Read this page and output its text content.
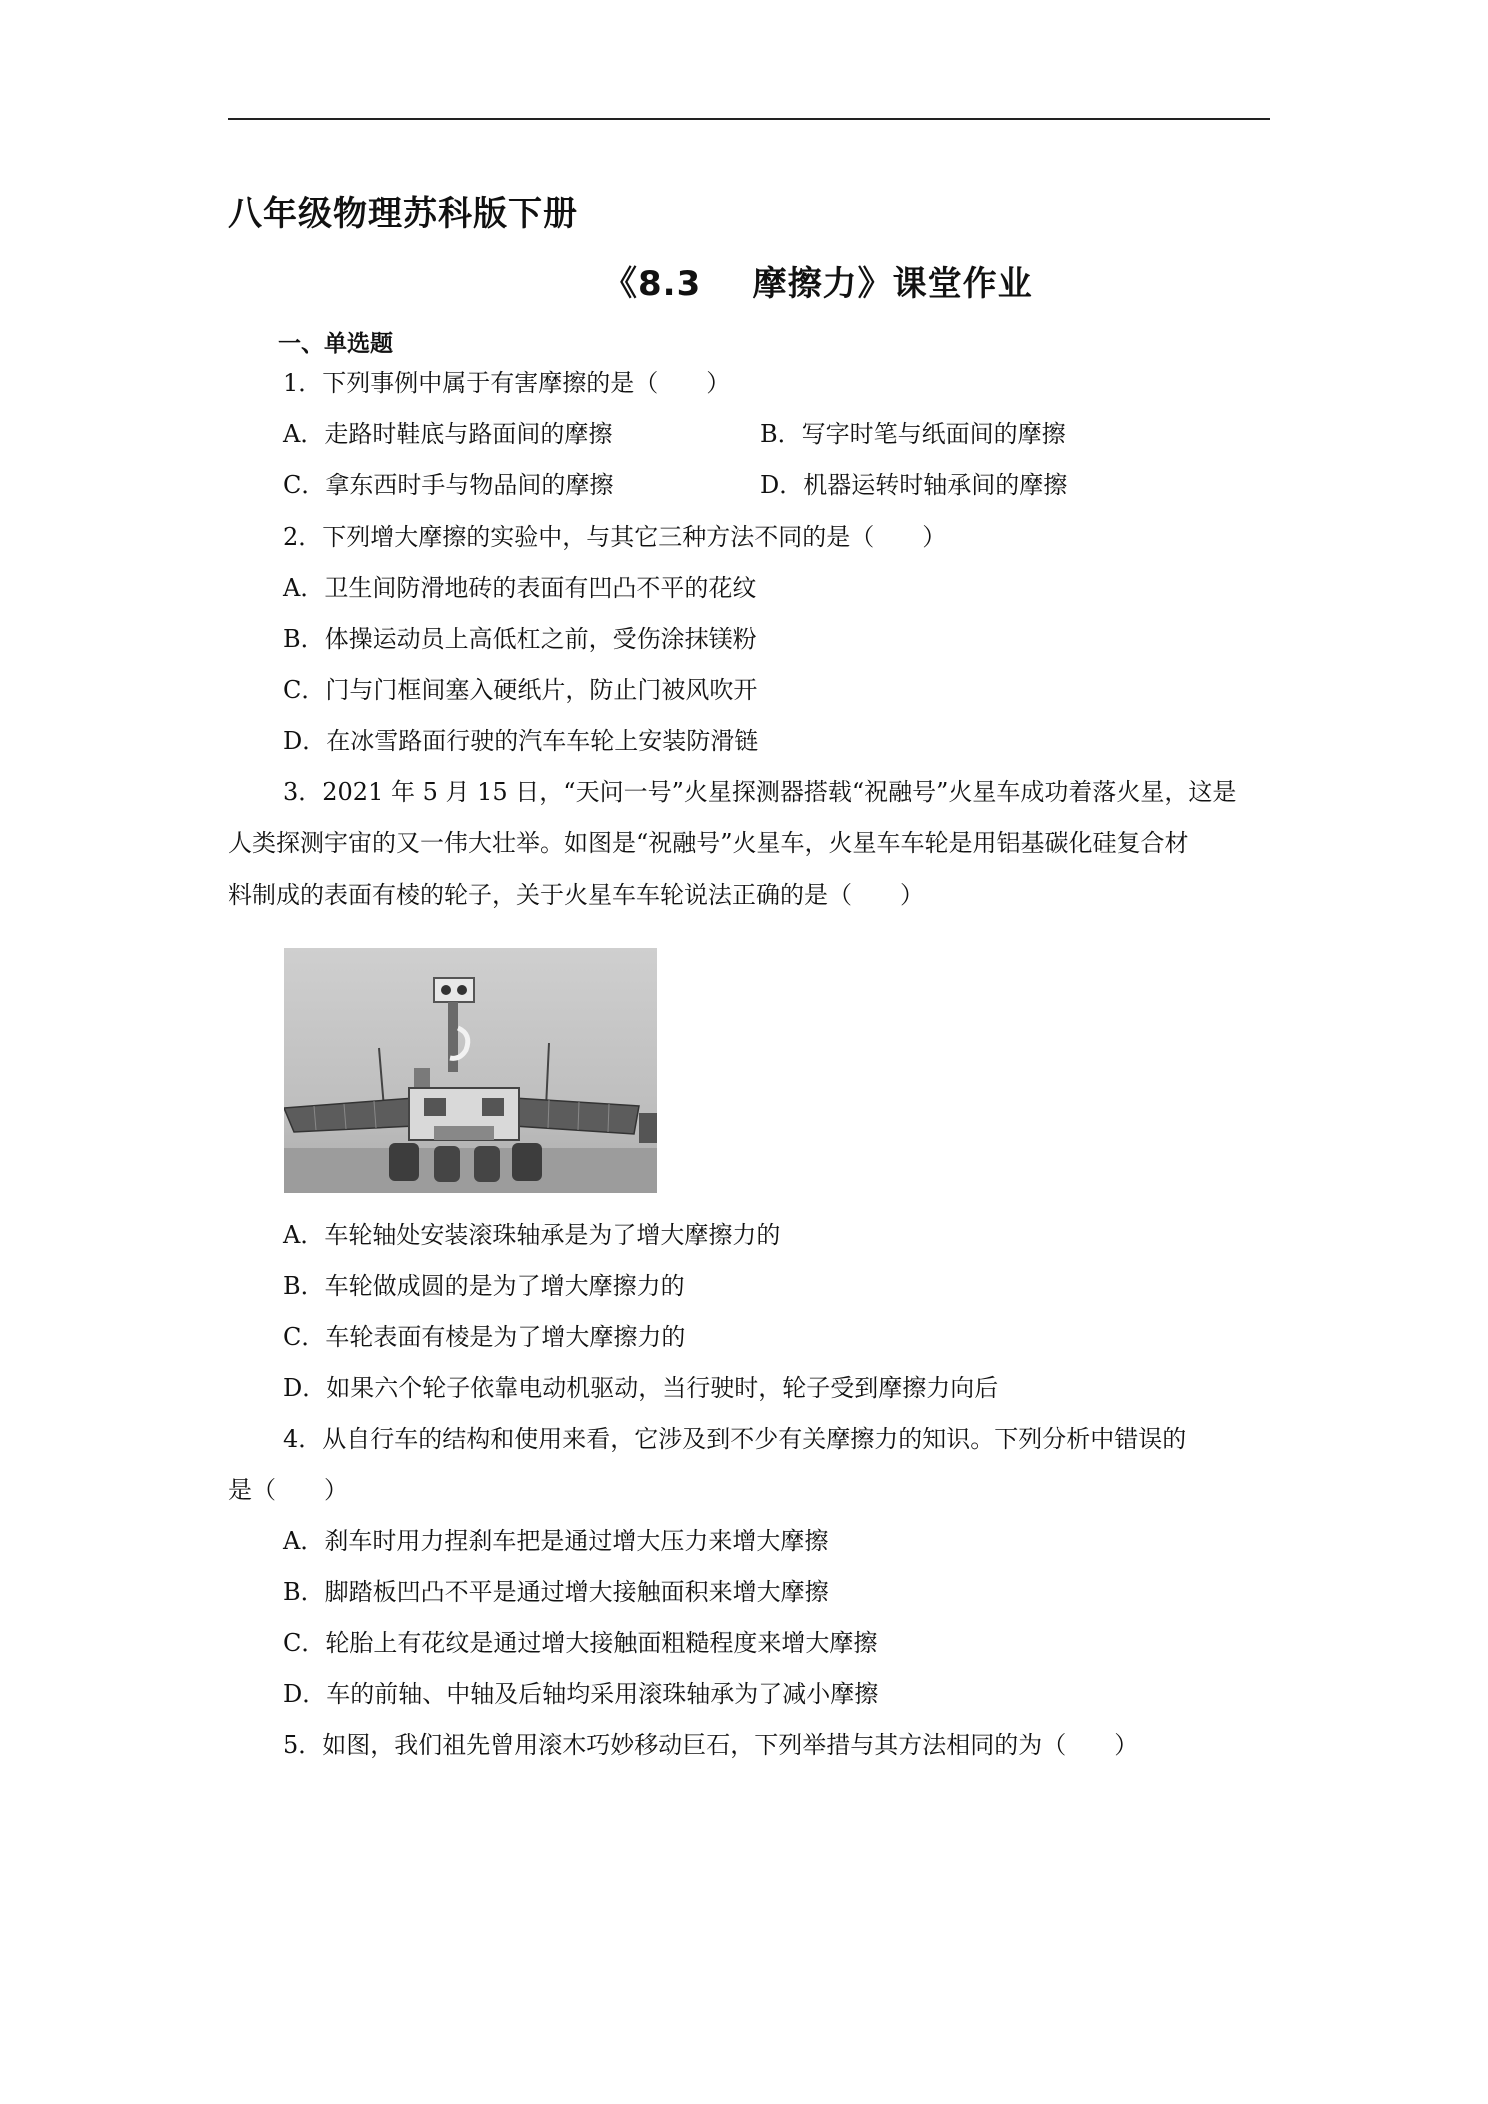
八年级物理苏科版下册
《8.3    摩擦力》课堂作业
一、单选题
1．下列事例中属于有害摩擦的是（　　）
A．走路时鞋底与路面间的摩擦	B．写字时笔与纸面间的摩擦
C．拿东西时手与物品间的摩擦	D．机器运转时轴承间的摩擦
2．下列增大摩擦的实验中，与其它三种方法不同的是（　　）
A．卫生间防滑地砖的表面有凹凸不平的花纹
B．体操运动员上高低杠之前，受伤涂抹镁粉
C．门与门框间塞入硬纸片，防止门被风吹开
D．在冰雪路面行驶的汽车车轮上安装防滑链
3．2021 年 5 月 15 日，“天问一号”火星探测器搭载“祝融号”火星车成功着落火星，这是
人类探测宇宙的又一伟大壮举。如图是“祝融号”火星车，火星车车轮是用铝基碳化硅复合材
料制成的表面有棱的轮子，关于火星车车轮说法正确的是（　　）
A．车轮轴处安装滚珠轴承是为了增大摩擦力的
B．车轮做成圆的是为了增大摩擦力的
C．车轮表面有棱是为了增大摩擦力的
D．如果六个轮子依靠电动机驱动，当行驶时，轮子受到摩擦力向后
4．从自行车的结构和使用来看，它涉及到不少有关摩擦力的知识。下列分析中错误的
是（　　）
A．刹车时用力捏刹车把是通过增大压力来增大摩擦
B．脚踏板凹凸不平是通过增大接触面积来增大摩擦
C．轮胎上有花纹是通过增大接触面粗糙程度来增大摩擦
D．车的前轴、中轴及后轴均采用滚珠轴承为了减小摩擦
5．如图，我们祖先曾用滚木巧妙移动巨石，下列举措与其方法相同的为（　　）
